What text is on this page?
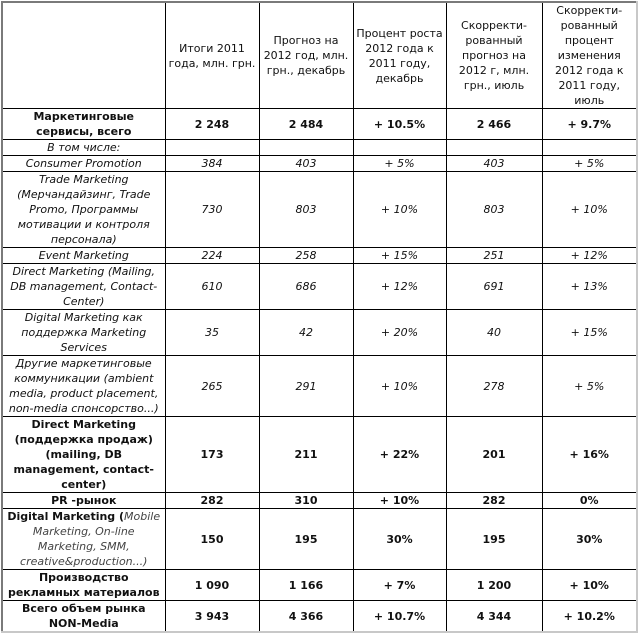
	Итоги 2011 года, млн. грн.	Прогноз на 2012 год, млн. грн., декабрь	Процент роста 2012 года к 2011 году, декабрь	Скорректи-рованный прогноз на 2012 г, млн. грн., июль	Скорректи-рованный процент изменения 2012 года к 2011 году, июль
Маркетинговые сервисы, всего	2 248	2 484	+ 10.5%	2 466	+ 9.7%
В том числе:					
Consumer Promotion	384	403	+ 5%	403	+ 5%
Trade Marketing (Мерчандайзинг, Trade Promo, Программы мотивации и контроля персонала)	730	803	+ 10%	803	+ 10%
Event Marketing	224	258	+ 15%	251	+ 12%
Direct Marketing (Mailing, DB management, Contact-Center)	610	686	+ 12%	691	+ 13%
Digital Marketing как поддержка Marketing Services	35	42	+ 20%	40	+ 15%
Другие маркетинговые коммуникации (ambient media, product placement, non-media спонсорство...)	265	291	+ 10%	278	+ 5%
Direct Marketing (поддержка продаж) (mailing, DB management, contact-center)	173	211	+ 22%	201	+ 16%
PR -рынок	282	310	+ 10%	282	0%
Digital Marketing (Mobile Marketing, On-line Marketing, SMM, creative&production...)	150	195	30%	195	30%
Производство рекламных материалов	1 090	1 166	+ 7%	1 200	+ 10%
Всего объем рынка NON-Media	3 943	4 366	+ 10.7%	4 344	+ 10.2%
